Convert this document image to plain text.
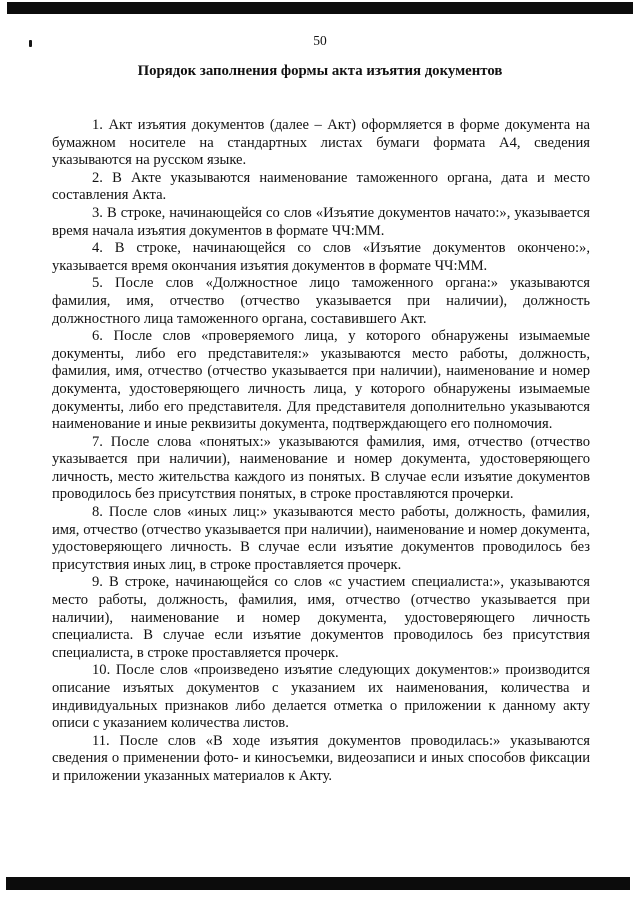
50
Порядок заполнения формы акта изъятия документов

1. Акт изъятия документов (далее – Акт) оформляется в форме документа на бумажном носителе на стандартных листах бумаги формата А4, сведения указываются на русском языке.

2. В Акте указываются наименование таможенного органа, дата и место составления Акта.

3. В строке, начинающейся со слов «Изъятие документов начато:», указывается время начала изъятия документов в формате ЧЧ:ММ.

4. В строке, начинающейся со слов «Изъятие документов окончено:», указывается время окончания изъятия документов в формате ЧЧ:ММ.

5. После слов «Должностное лицо таможенного органа:» указываются фамилия, имя, отчество (отчество указывается при наличии), должность должностного лица таможенного органа, составившего Акт.

6. После слов «проверяемого лица, у которого обнаружены изымаемые документы, либо его представителя:» указываются место работы, должность, фамилия, имя, отчество (отчество указывается при наличии), наименование и номер документа, удостоверяющего личность лица, у которого обнаружены изымаемые документы, либо его представителя. Для представителя дополнительно указываются наименование и иные реквизиты документа, подтверждающего его полномочия.

7. После слова «понятых:» указываются фамилия, имя, отчество (отчество указывается при наличии), наименование и номер документа, удостоверяющего личность, место жительства каждого из понятых. В случае если изъятие документов проводилось без присутствия понятых, в строке проставляются прочерки.

8. После слов «иных лиц:» указываются место работы, должность, фамилия, имя, отчество (отчество указывается при наличии), наименование и номер документа, удостоверяющего личность. В случае если изъятие документов проводилось без присутствия иных лиц, в строке проставляется прочерк.

9. В строке, начинающейся со слов «с участием специалиста:», указываются место работы, должность, фамилия, имя, отчество (отчество указывается при наличии), наименование и номер документа, удостоверяющего личность специалиста. В случае если изъятие документов проводилось без присутствия специалиста, в строке проставляется прочерк.

10. После слов «произведено изъятие следующих документов:» производится описание изъятых документов с указанием их наименования, количества и индивидуальных признаков либо делается отметка о приложении к данному акту описи с указанием количества листов.

11. После слов «В ходе изъятия документов проводилась:» указываются сведения о применении фото- и киносъемки, видеозаписи и иных способов фиксации и приложении указанных материалов к Акту.
